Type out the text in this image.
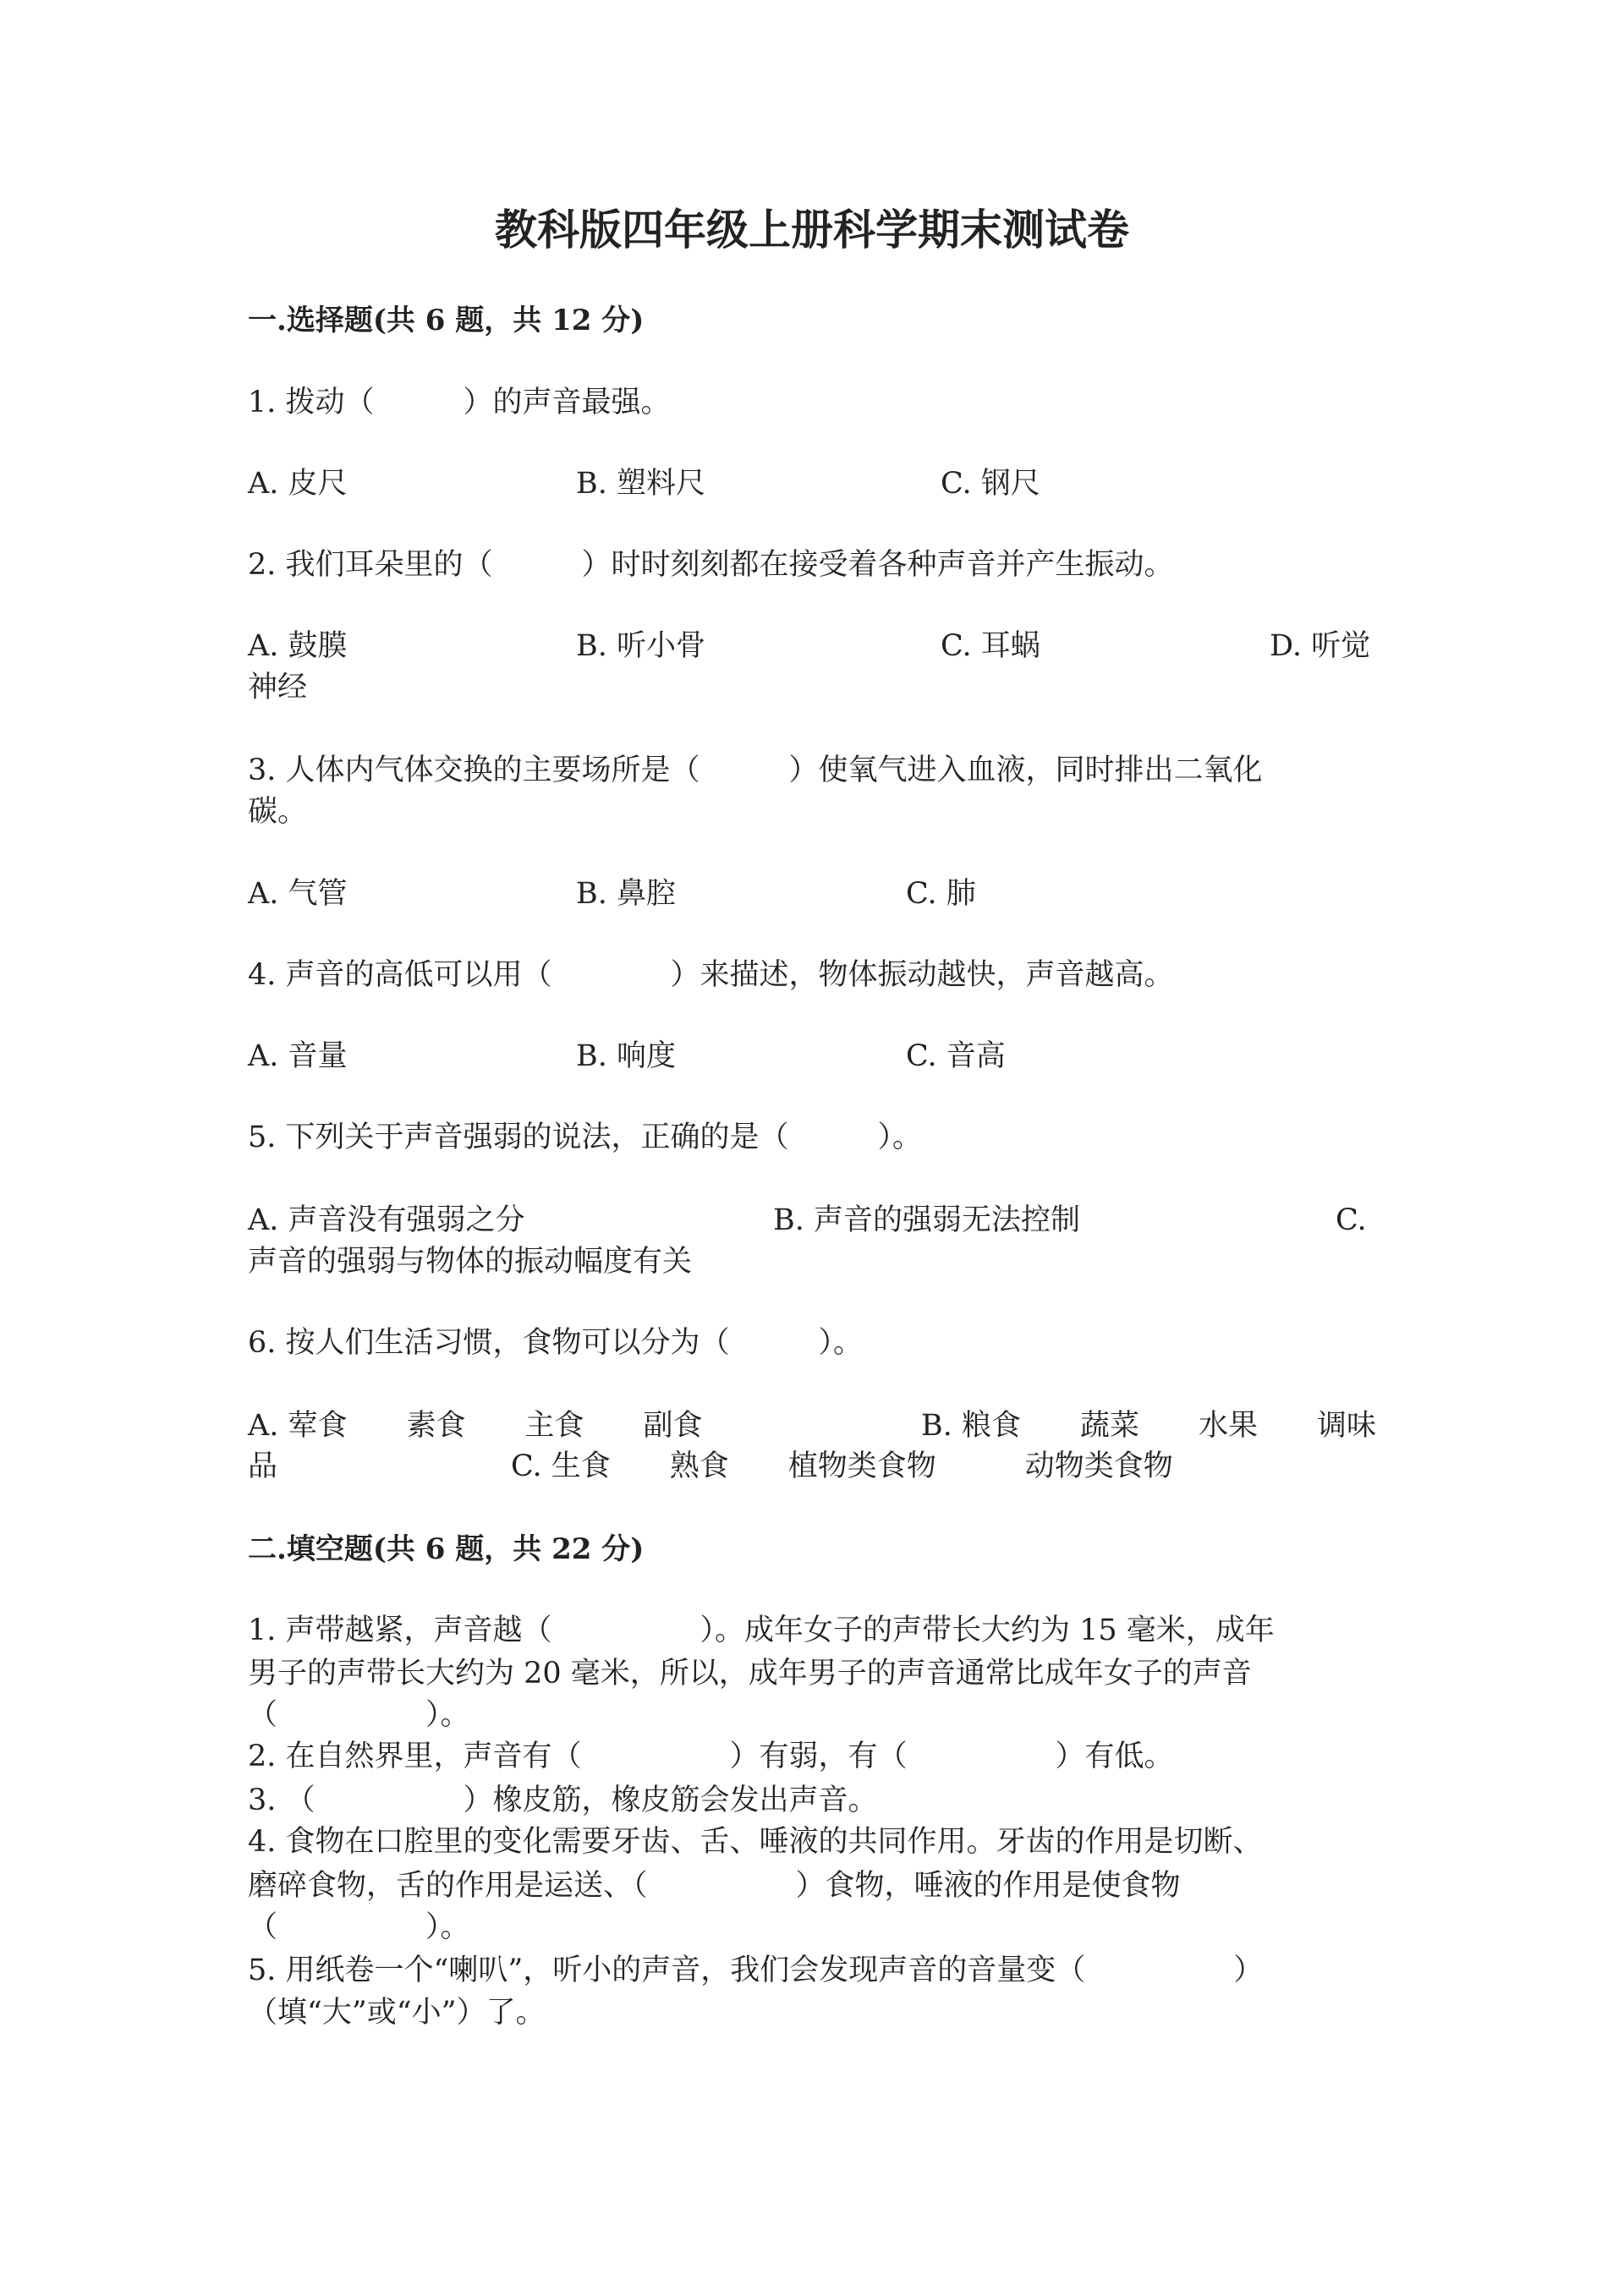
教科版四年级上册科学期末测试卷
一.选择题(共 6 题，共 12 分)
1. 拨动（　　　）的声音最强。
A. 皮尺	B. 塑料尺	C. 钢尺
2. 我们耳朵里的（　　　）时时刻刻都在接受着各种声音并产生振动。
A. 鼓膜	B. 听小骨	C. 耳蜗	D. 听觉
神经
3. 人体内气体交换的主要场所是（　　　）使氧气进入血液，同时排出二氧化
碳。
A. 气管	B. 鼻腔	C. 肺
4. 声音的高低可以用（　　　　）来描述，物体振动越快，声音越高。
A. 音量	B. 响度	C. 音高
5. 下列关于声音强弱的说法，正确的是（　　　）。
A. 声音没有强弱之分	B. 声音的强弱无法控制	C.
声音的强弱与物体的振动幅度有关
6. 按人们生活习惯，食物可以分为（　　　）。
A. 荤食　　素食　　主食　　副食	B. 粮食　　蔬菜　　水果　　调味
品	C. 生食　　熟食　　植物类食物　　　动物类食物
二.填空题(共 6 题，共 22 分)
1. 声带越紧，声音越（　　　　　）。成年女子的声带长大约为 15 毫米，成年
男子的声带长大约为 20 毫米，所以，成年男子的声音通常比成年女子的声音
（　　　　　）。
2. 在自然界里，声音有（　　　　　）有弱，有（　　　　　）有低。
3. （　　　　　）橡皮筋，橡皮筋会发出声音。
4. 食物在口腔里的变化需要牙齿、舌、唾液的共同作用。牙齿的作用是切断、
磨碎食物，舌的作用是运送、（　　　　　）食物，唾液的作用是使食物
（　　　　　）。
5. 用纸卷一个“喇叭”，听小的声音，我们会发现声音的音量变（　　　　　）
（填“大”或“小”）了。
